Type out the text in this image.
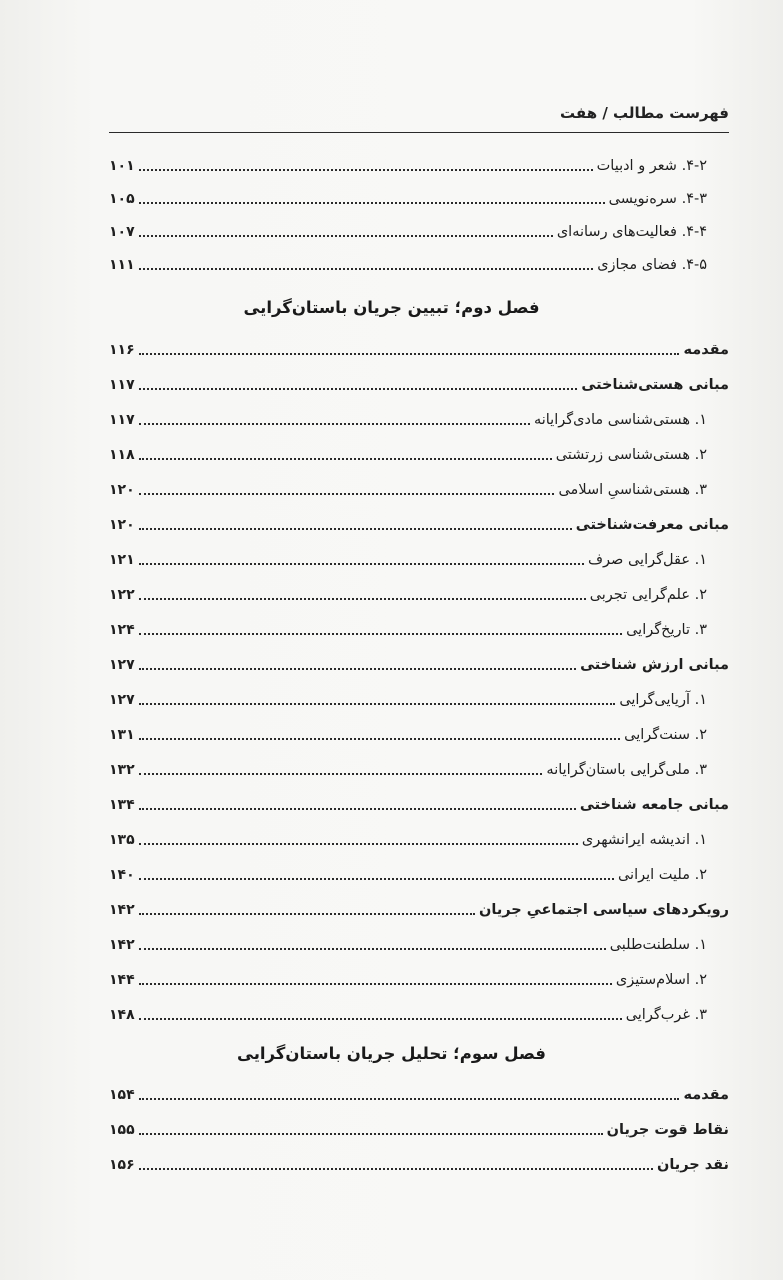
فهرست مطالب / هفت
۴-۲. شعر و ادبیات
۱۰۱
۴-۳. سره‌نویسی
۱۰۵
۴-۴. فعالیت‌های رسانه‌ای
۱۰۷
۴-۵. فضای مجازی
۱۱۱
فصل دوم؛ تبیین جریان باستان‌گرایی
مقدمه
۱۱۶
مبانی هستی‌شناختی
۱۱۷
۱. هستی‌شناسی مادی‌گرایانه
۱۱۷
۲. هستی‌شناسی زرتشتی
۱۱۸
۳. هستی‌شناسیِ اسلامی
۱۲۰
مبانی معرفت‌شناختی
۱۲۰
۱. عقل‌گرایی صرف
۱۲۱
۲. علم‌گرایی تجربی
۱۲۲
۳. تاریخ‌گرایی
۱۲۴
مبانی ارزش شناختی
۱۲۷
۱. آریایی‌گرایی
۱۲۷
۲. سنت‌گرایی
۱۳۱
۳. ملی‌گرایی باستان‌گرایانه
۱۳۲
مبانی جامعه شناختی
۱۳۴
۱. اندیشه ایرانشهری
۱۳۵
۲. ملیت ایرانی
۱۴۰
رویکردهای سیاسی اجتماعیِ جریان
۱۴۲
۱. سلطنت‌طلبی
۱۴۲
۲. اسلام‌ستیزی
۱۴۴
۳. غرب‌گرایی
۱۴۸
فصل سوم؛ تحلیل جریان باستان‌گرایی
مقدمه
۱۵۴
نقاط قوت جریان
۱۵۵
نقد جریان
۱۵۶
